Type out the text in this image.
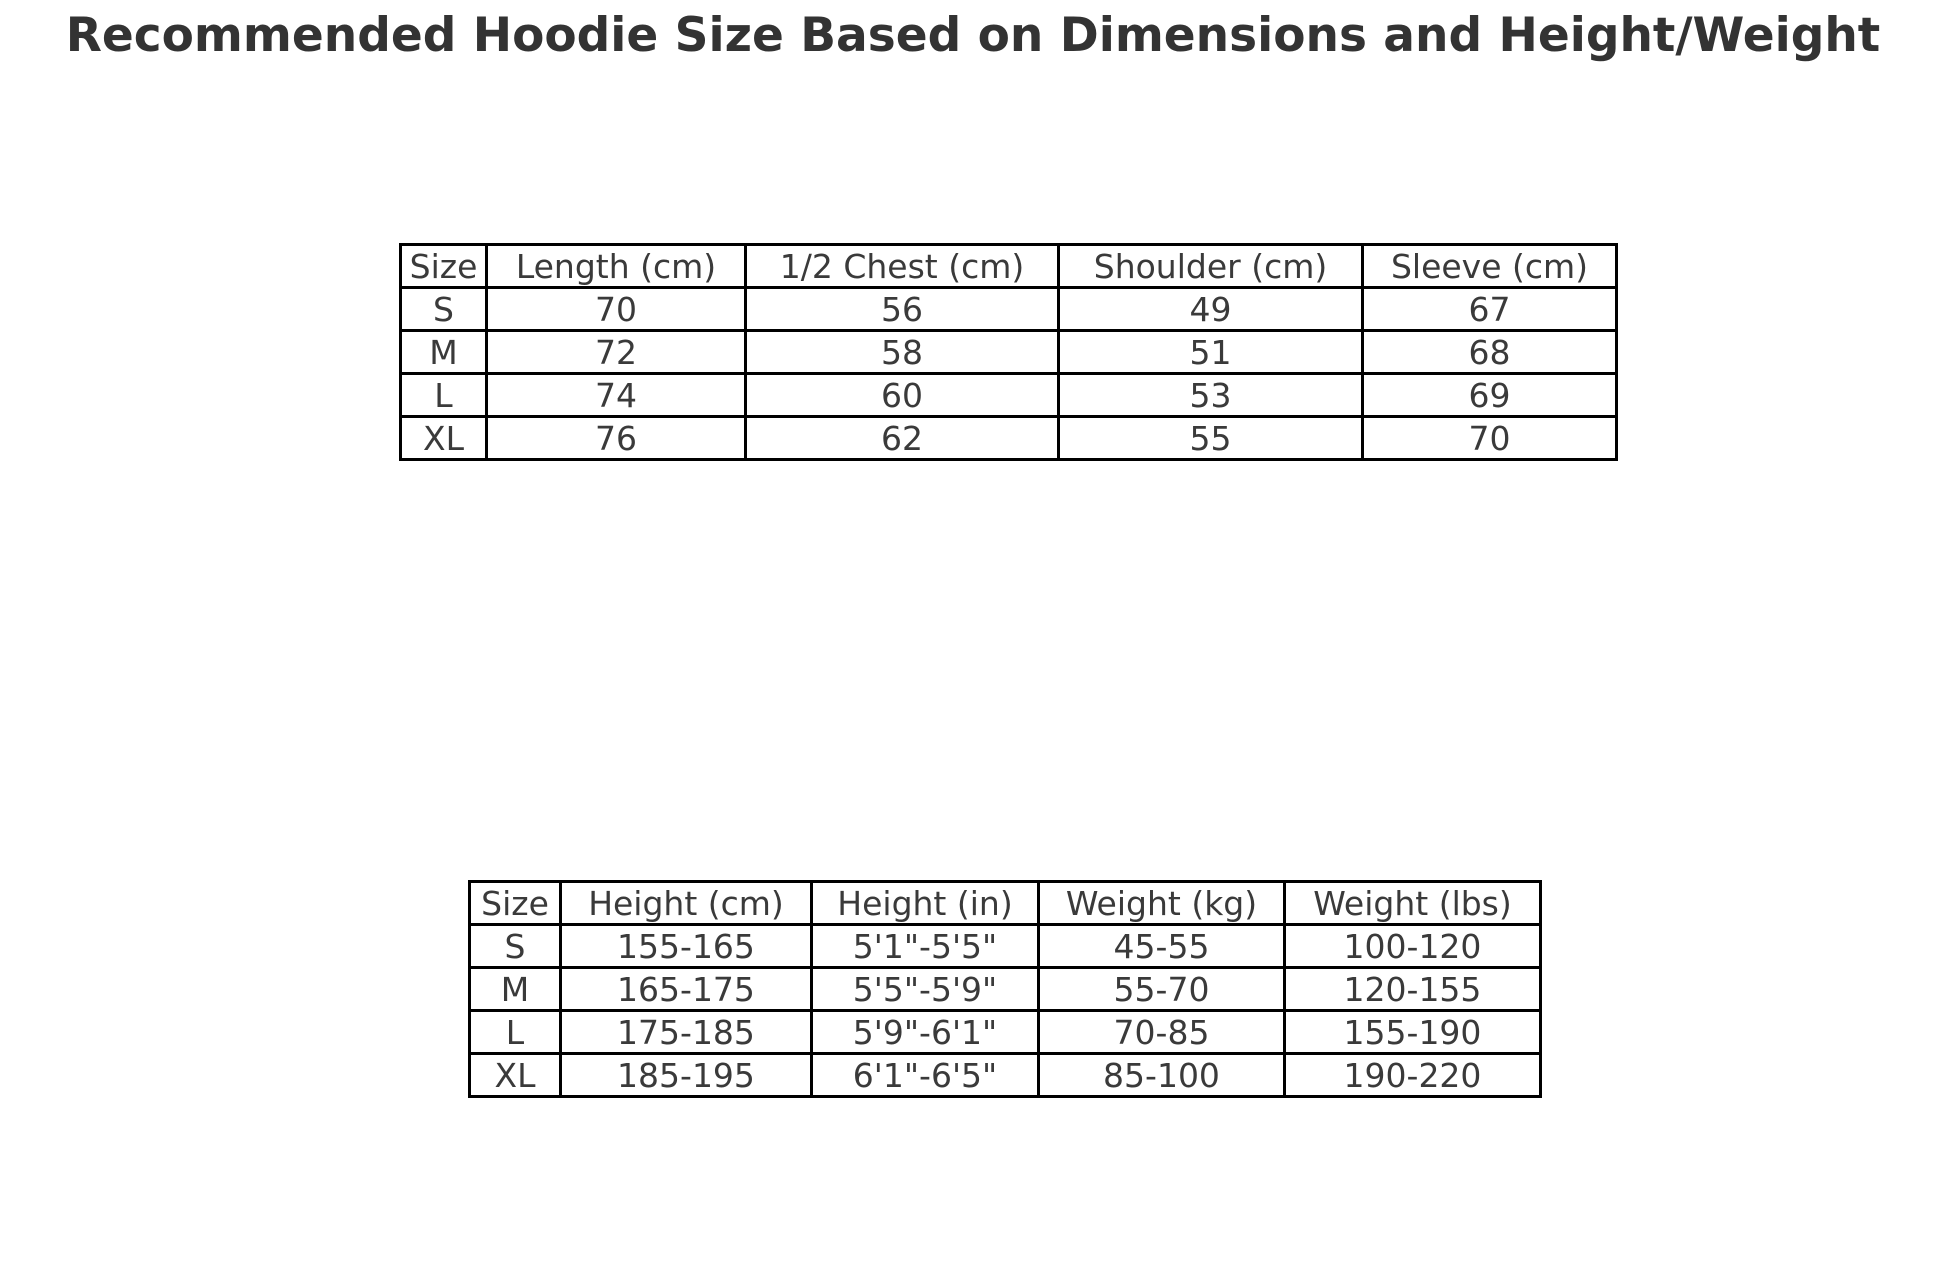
Recommended Hoodie Size Based on Dimensions and Height/Weight
Size	Length (cm)	1/2 Chest (cm)	Shoulder (cm)	Sleeve (cm)
S	70	56	49	67
M	72	58	51	68
L	74	60	53	69
XL	76	62	55	70
Size	Height (cm)	Height (in)	Weight (kg)	Weight (lbs)
S	155-165	5'1"-5'5"	45-55	100-120
M	165-175	5'5"-5'9"	55-70	120-155
L	175-185	5'9"-6'1"	70-85	155-190
XL	185-195	6'1"-6'5"	85-100	190-220
